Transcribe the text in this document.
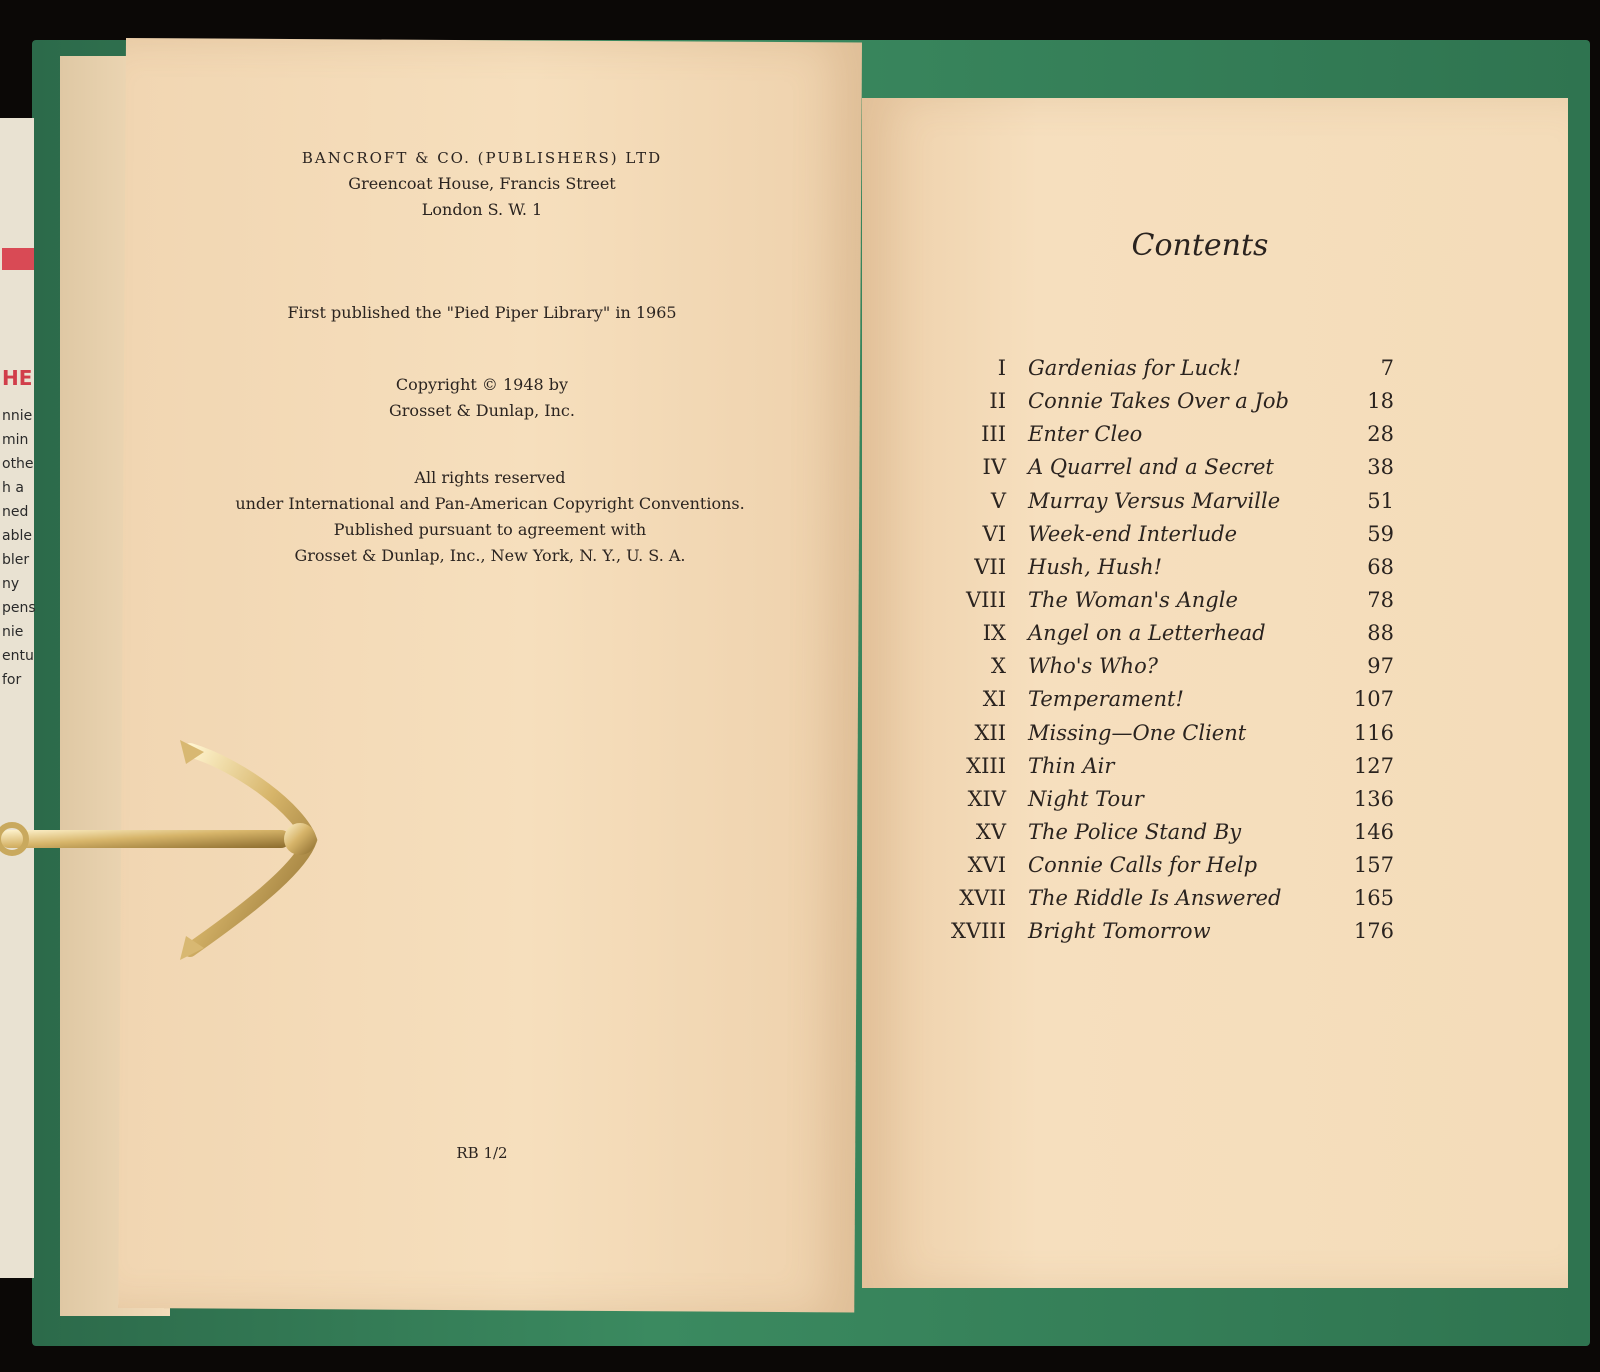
HE
nnie
min
othe
h a
ned
able
bler
ny
pens
nie
entu
for
BANCROFT & CO. (PUBLISHERS) LTD
Greencoat House, Francis Street
London S. W. 1
First published the "Pied Piper Library" in 1965
Copyright © 1948 by
Grosset & Dunlap, Inc.
All rights reserved
under International and Pan-American Copyright Conventions.
Published pursuant to agreement with
Grosset & Dunlap, Inc., New York, N. Y., U. S. A.
RB 1/2
Contents
I Gardenias for Luck!	7
II Connie Takes Over a Job	18
III Enter Cleo	28
IV A Quarrel and a Secret	38
V Murray Versus Marville	51
VI Week-end Interlude	59
VII Hush, Hush!	68
VIII The Woman's Angle	78
IX Angel on a Letterhead	88
X Who's Who?	97
XI Temperament!	107
XII Missing—One Client	116
XIII Thin Air	127
XIV Night Tour	136
XV The Police Stand By	146
XVI Connie Calls for Help	157
XVII The Riddle Is Answered	165
XVIII Bright Tomorrow	176
